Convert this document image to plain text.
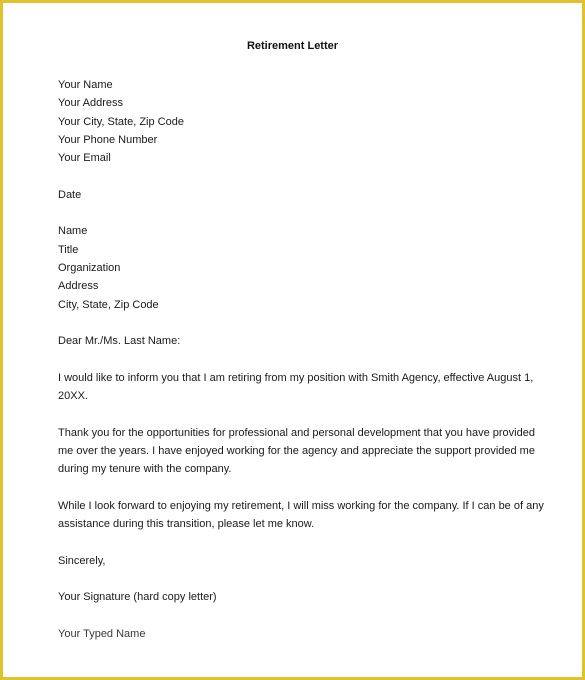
Retirement Letter
Your Name
Your Address
Your City, State, Zip Code
Your Phone Number
Your Email
Date
Name
Title
Organization
Address
City, State, Zip Code
Dear Mr./Ms. Last Name:
I would like to inform you that I am retiring from my position with Smith Agency, effective August 1,
20XX.
Thank you for the opportunities for professional and personal development that you have provided
me over the years. I have enjoyed working for the agency and appreciate the support provided me
during my tenure with the company.
While I look forward to enjoying my retirement, I will miss working for the company. If I can be of any
assistance during this transition, please let me know.
Sincerely,
Your Signature (hard copy letter)
Your Typed Name
